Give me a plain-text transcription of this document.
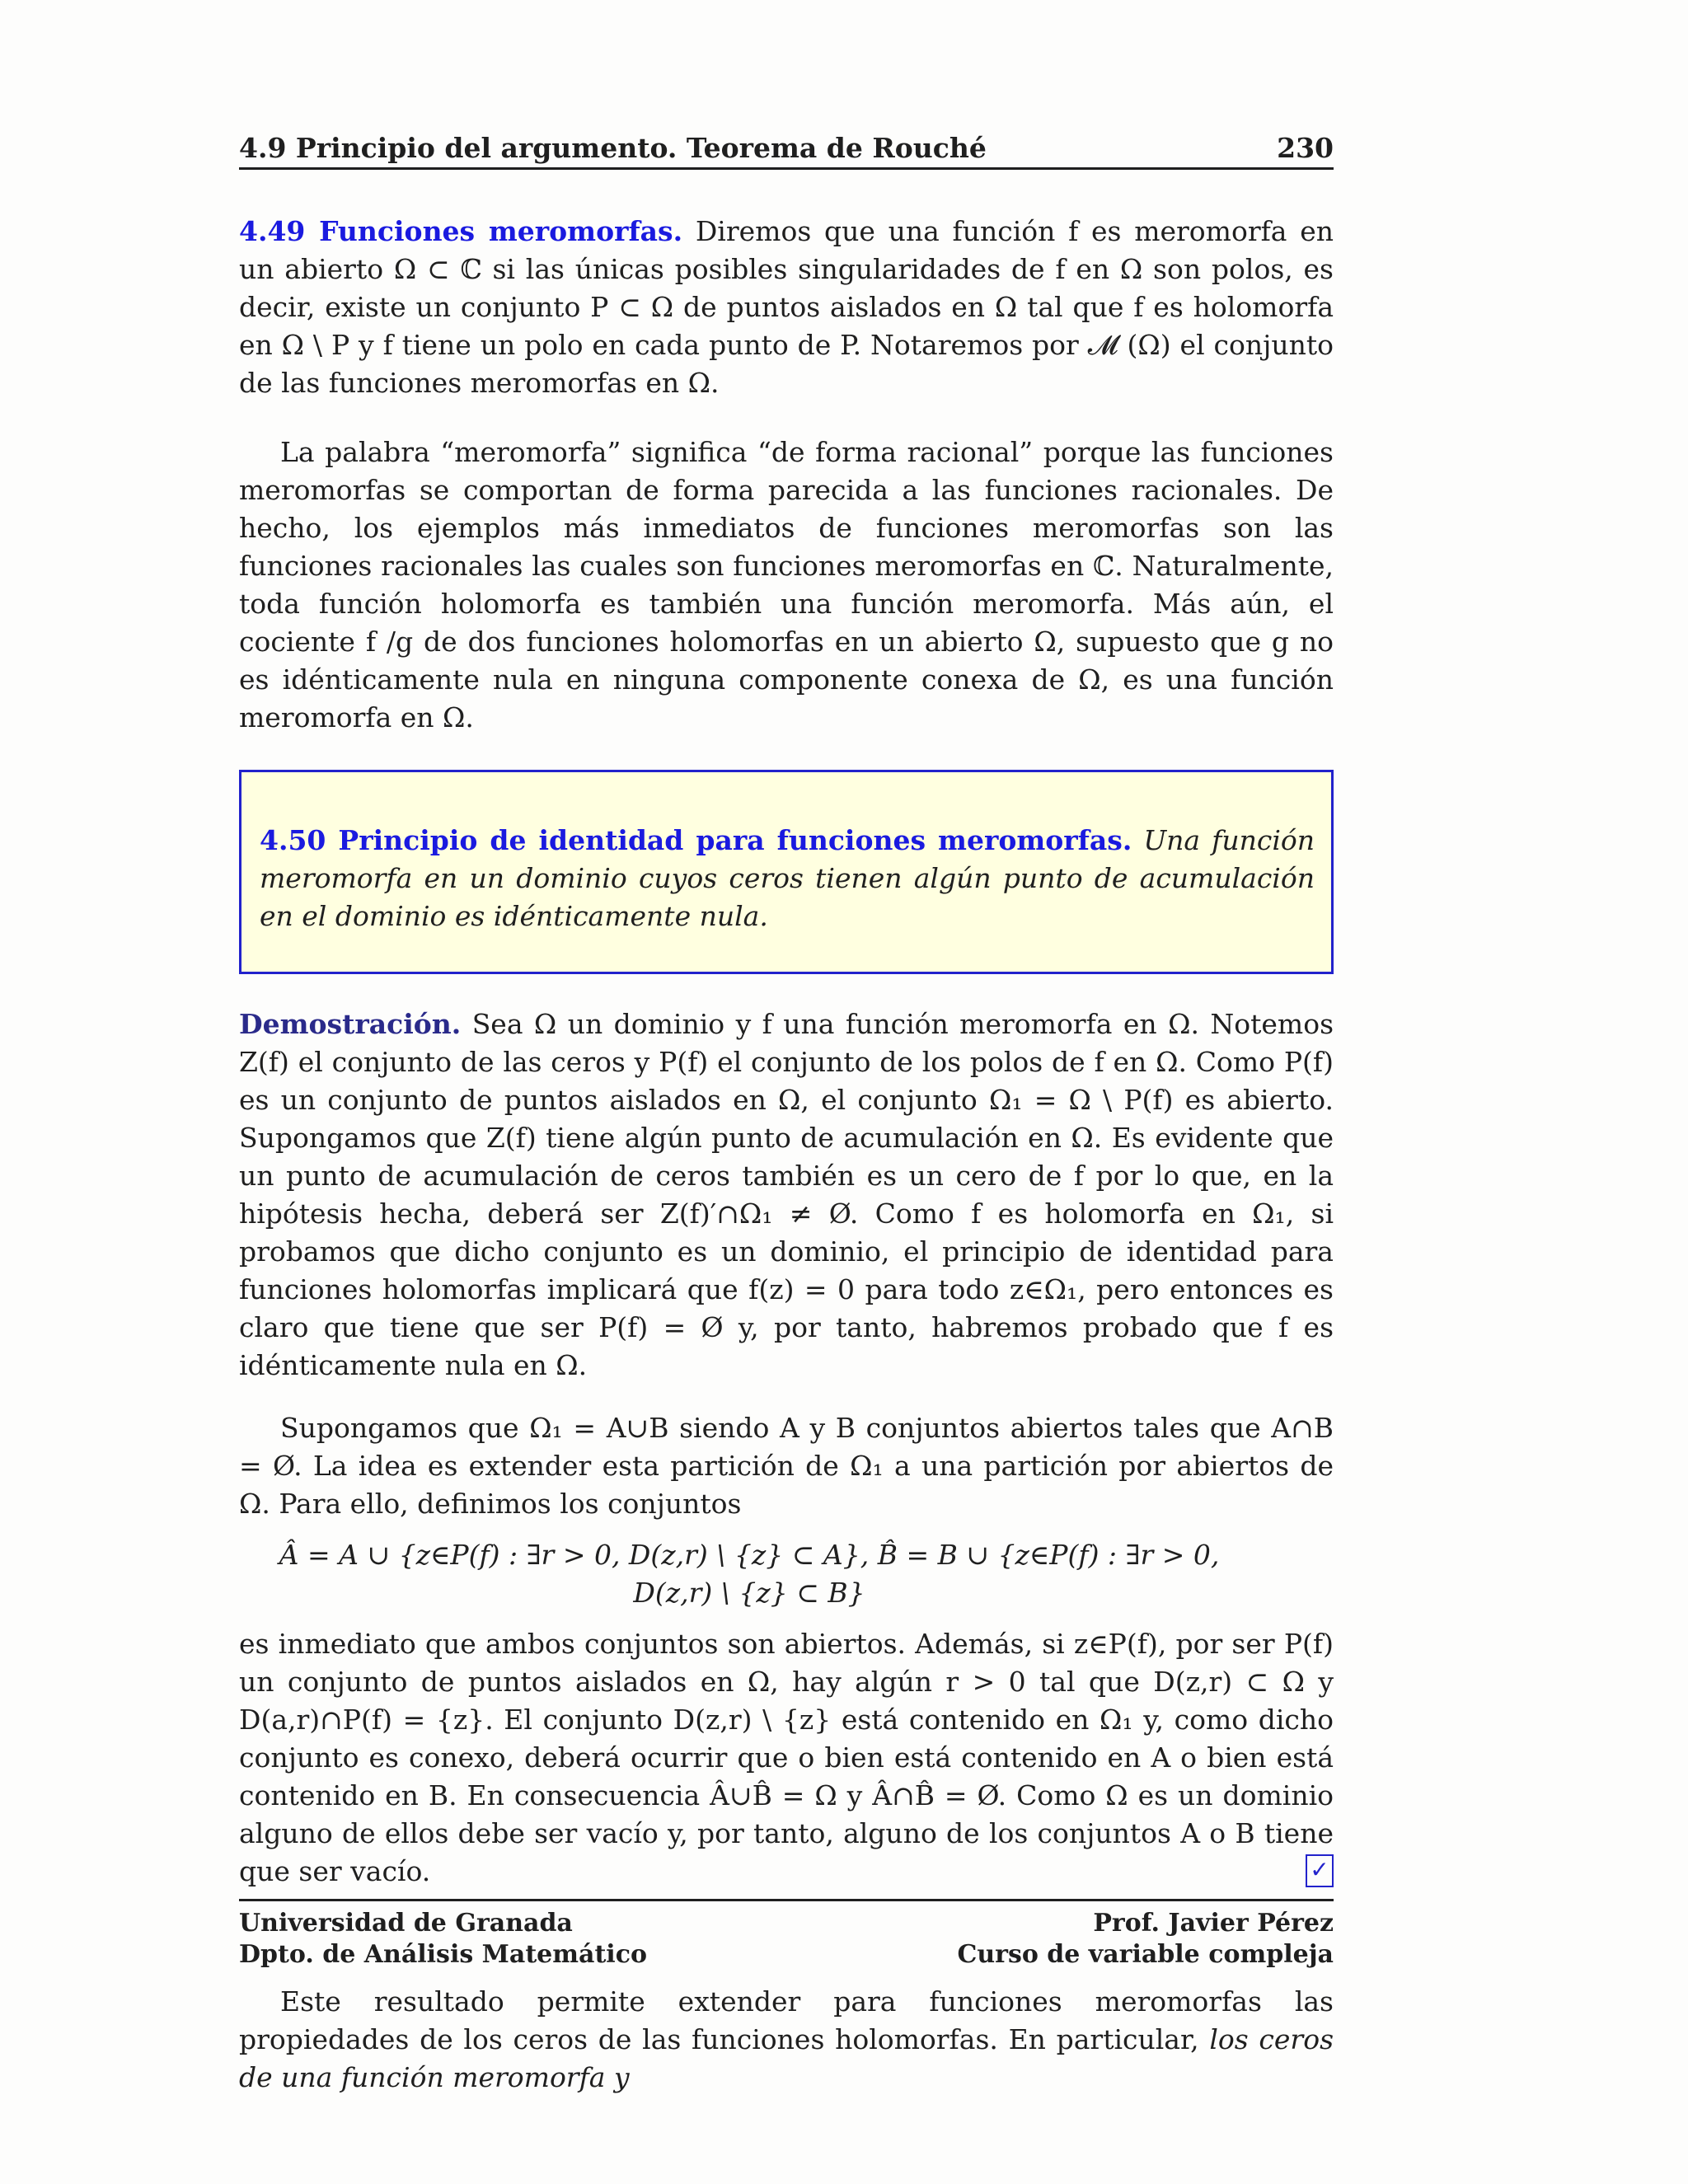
4.9 Principio del argumento. Teorema de Rouché	230

4.49 Funciones meromorfas. Diremos que una función f es meromorfa en un abierto Ω ⊂ ℂ si las únicas posibles singularidades de f en Ω son polos, es decir, existe un conjunto P ⊂ Ω de puntos aislados en Ω tal que f es holomorfa en Ω \ P y f tiene un polo en cada punto de P. Notaremos por 𝓜 (Ω) el conjunto de las funciones meromorfas en Ω.

La palabra “meromorfa” significa “de forma racional” porque las funciones meromorfas se comportan de forma parecida a las funciones racionales. De hecho, los ejemplos más inmediatos de funciones meromorfas son las funciones racionales las cuales son funciones meromorfas en ℂ. Naturalmente, toda función holomorfa es también una función meromorfa. Más aún, el cociente f /g de dos funciones holomorfas en un abierto Ω, supuesto que g no es idénticamente nula en ninguna componente conexa de Ω, es una función meromorfa en Ω.

4.50 Principio de identidad para funciones meromorfas. Una función meromorfa en un dominio cuyos ceros tienen algún punto de acumulación en el dominio es idénticamente nula.

Demostración. Sea Ω un dominio y f una función meromorfa en Ω. Notemos Z(f) el conjunto de las ceros y P(f) el conjunto de los polos de f en Ω. Como P(f) es un conjunto de puntos aislados en Ω, el conjunto Ω₁ = Ω \ P(f) es abierto. Supongamos que Z(f) tiene algún punto de acumulación en Ω. Es evidente que un punto de acumulación de ceros también es un cero de f por lo que, en la hipótesis hecha, deberá ser Z(f)′∩Ω₁ ≠ Ø. Como f es holomorfa en Ω₁, si probamos que dicho conjunto es un dominio, el principio de identidad para funciones holomorfas implicará que f(z) = 0 para todo z∈Ω₁, pero entonces es claro que tiene que ser P(f) = Ø y, por tanto, habremos probado que f es idénticamente nula en Ω.

Supongamos que Ω₁ = A∪B siendo A y B conjuntos abiertos tales que A∩B = Ø. La idea es extender esta partición de Ω₁ a una partición por abiertos de Ω. Para ello, definimos los conjuntos

Â = A ∪ {z∈P(f) : ∃r > 0, D(z,r) \ {z} ⊂ A}, B̂ = B ∪ {z∈P(f) : ∃r > 0, D(z,r) \ {z} ⊂ B}

es inmediato que ambos conjuntos son abiertos. Además, si z∈P(f), por ser P(f) un conjunto de puntos aislados en Ω, hay algún r > 0 tal que D(z,r) ⊂ Ω y D(a,r)∩P(f) = {z}. El conjunto D(z,r) \ {z} está contenido en Ω₁ y, como dicho conjunto es conexo, deberá ocurrir que o bien está contenido en A o bien está contenido en B. En consecuencia Â∪B̂ = Ω y Â∩B̂ = Ø. Como Ω es un dominio alguno de ellos debe ser vacío y, por tanto, alguno de los conjuntos A o B tiene que ser vacío.	✓

Este resultado permite extender para funciones meromorfas las propiedades de los ceros de las funciones holomorfas. En particular, los ceros de una función meromorfa y

Universidad de Granada
Dpto. de Análisis Matemático
Prof. Javier Pérez
Curso de variable compleja
